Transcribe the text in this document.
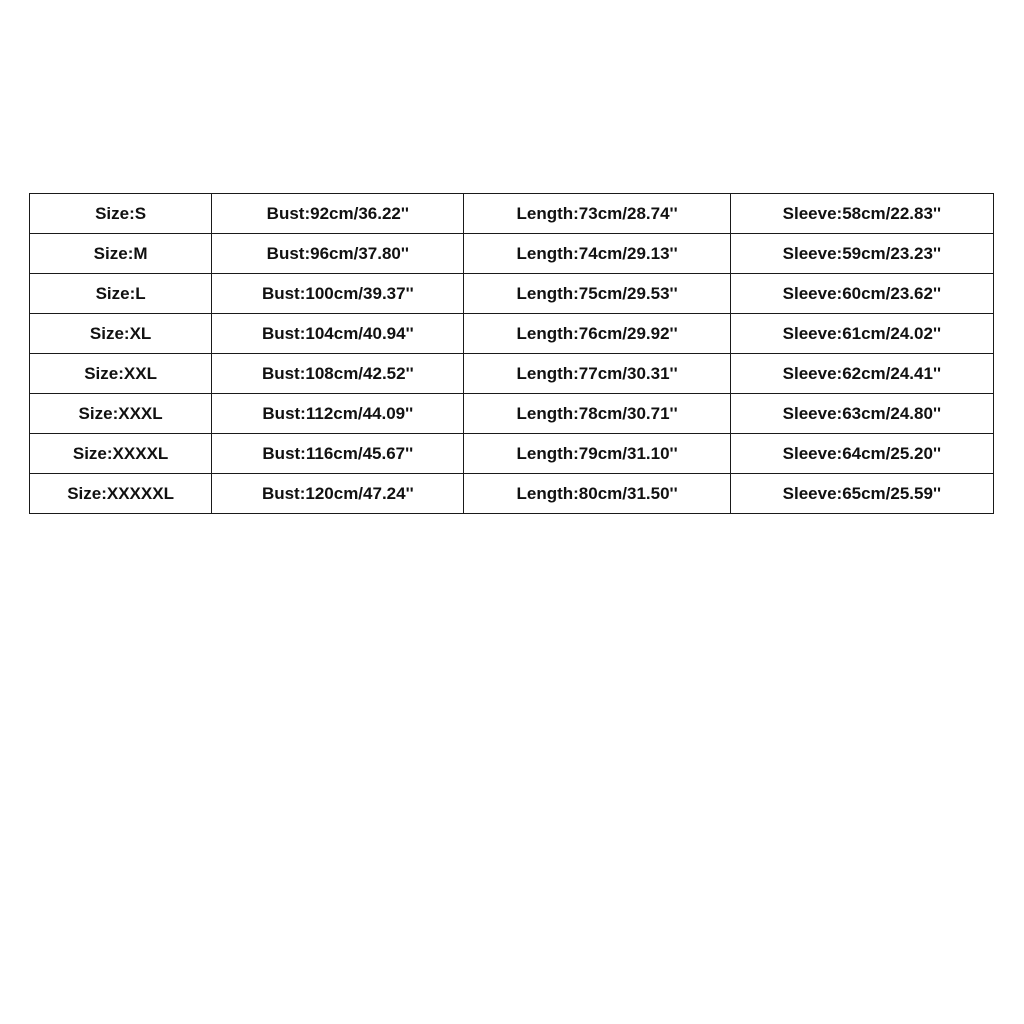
Size:S	Bust:92cm/36.22''	Length:73cm/28.74''	Sleeve:58cm/22.83''
Size:M	Bust:96cm/37.80''	Length:74cm/29.13''	Sleeve:59cm/23.23''
Size:L	Bust:100cm/39.37''	Length:75cm/29.53''	Sleeve:60cm/23.62''
Size:XL	Bust:104cm/40.94''	Length:76cm/29.92''	Sleeve:61cm/24.02''
Size:XXL	Bust:108cm/42.52''	Length:77cm/30.31''	Sleeve:62cm/24.41''
Size:XXXL	Bust:112cm/44.09''	Length:78cm/30.71''	Sleeve:63cm/24.80''
Size:XXXXL	Bust:116cm/45.67''	Length:79cm/31.10''	Sleeve:64cm/25.20''
Size:XXXXXL	Bust:120cm/47.24''	Length:80cm/31.50''	Sleeve:65cm/25.59''
